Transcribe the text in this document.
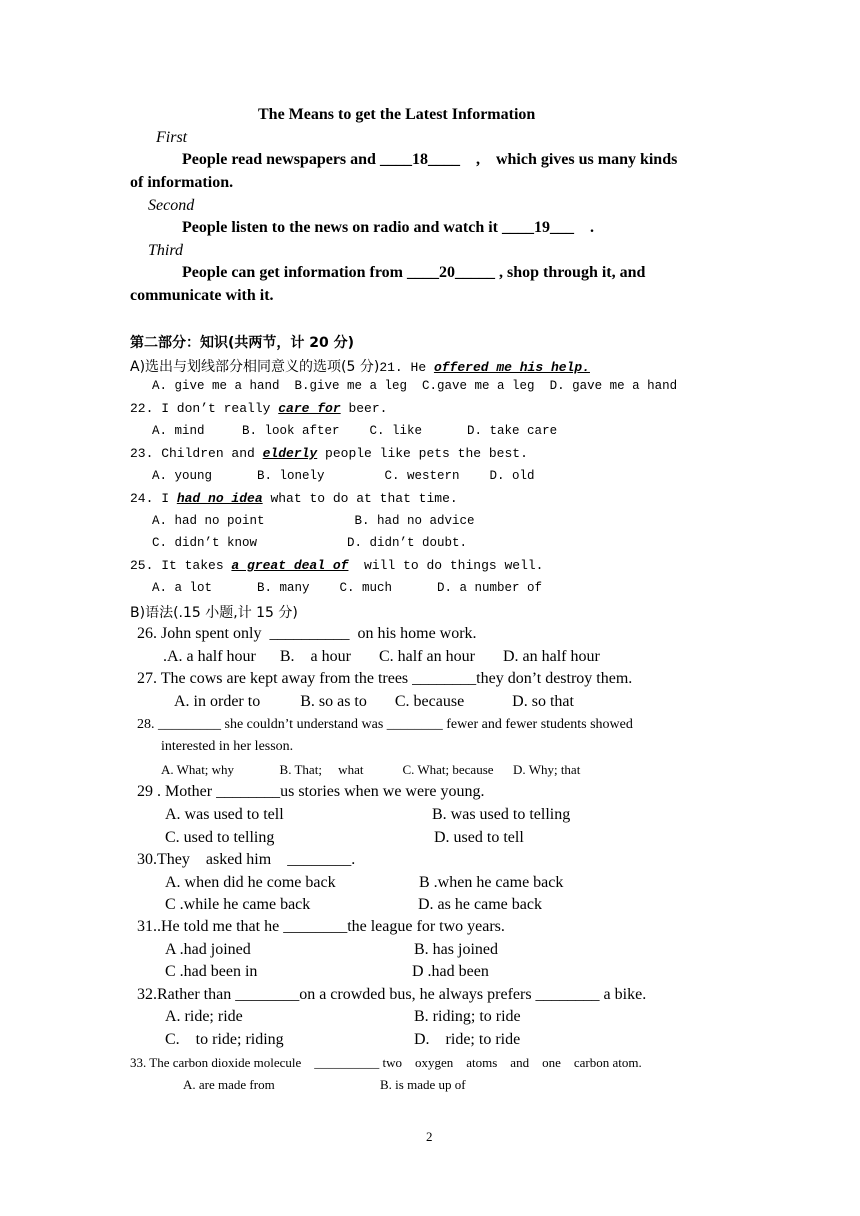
The Means to get the Latest Information
First
People read newspapers and ____18____    ,    which gives us many kinds
of information.
Second
People listen to the news on radio and watch it ____19___    .
Third
People can get information from ____20_____ , shop through it, and
communicate with it.
第二部分：知识(共两节，计 20 分)
A)选出与划线部分相同意义的选项(5 分)21. He offered me his help.
A. give me a hand  B.give me a leg  C.gave me a leg  D. gave me a hand
22. I don’t really care for beer.
A. mind     B. look after    C. like      D. take care
23. Children and elderly people like pets the best.
A. young      B. lonely        C. western    D. old
24. I had no idea what to do at that time.
A. had no point            B. had no advice
C. didn’t know            D. didn’t doubt.
25. It takes a great deal of  will to do things well.
A. a lot      B. many    C. much      D. a number of
B)语法(.15 小题,计 15 分)
26. John spent only  __________  on his home work.
.A. a half hour      B.    a hour       C. half an hour       D. an half hour
27. The cows are kept away from the trees ________they don’t destroy them.
A. in order to          B. so as to       C. because            D. so that
28. _________ she couldn’t understand was ________ fewer and fewer students showed
interested in her lesson.
A. What; why              B. That;     what            C. What; because      D. Why; that
29 . Mother ________us stories when we were young.
A. was used to tell	B. was used to telling
C. used to telling	D. used to tell
30.They    asked him    ________.
A. when did he come back	B .when he came back
C .while he came back	D. as he came back
31..He told me that he ________the league for two years.
A .had joined	B. has joined
C .had been in	D .had been
32.Rather than ________on a crowded bus, he always prefers ________ a bike.
A. ride; ride	B. riding; to ride
C.    to ride; riding	D.    ride; to ride
33. The carbon dioxide molecule    __________ two    oxygen    atoms    and    one    carbon atom.
A. are made from	B. is made up of
2
